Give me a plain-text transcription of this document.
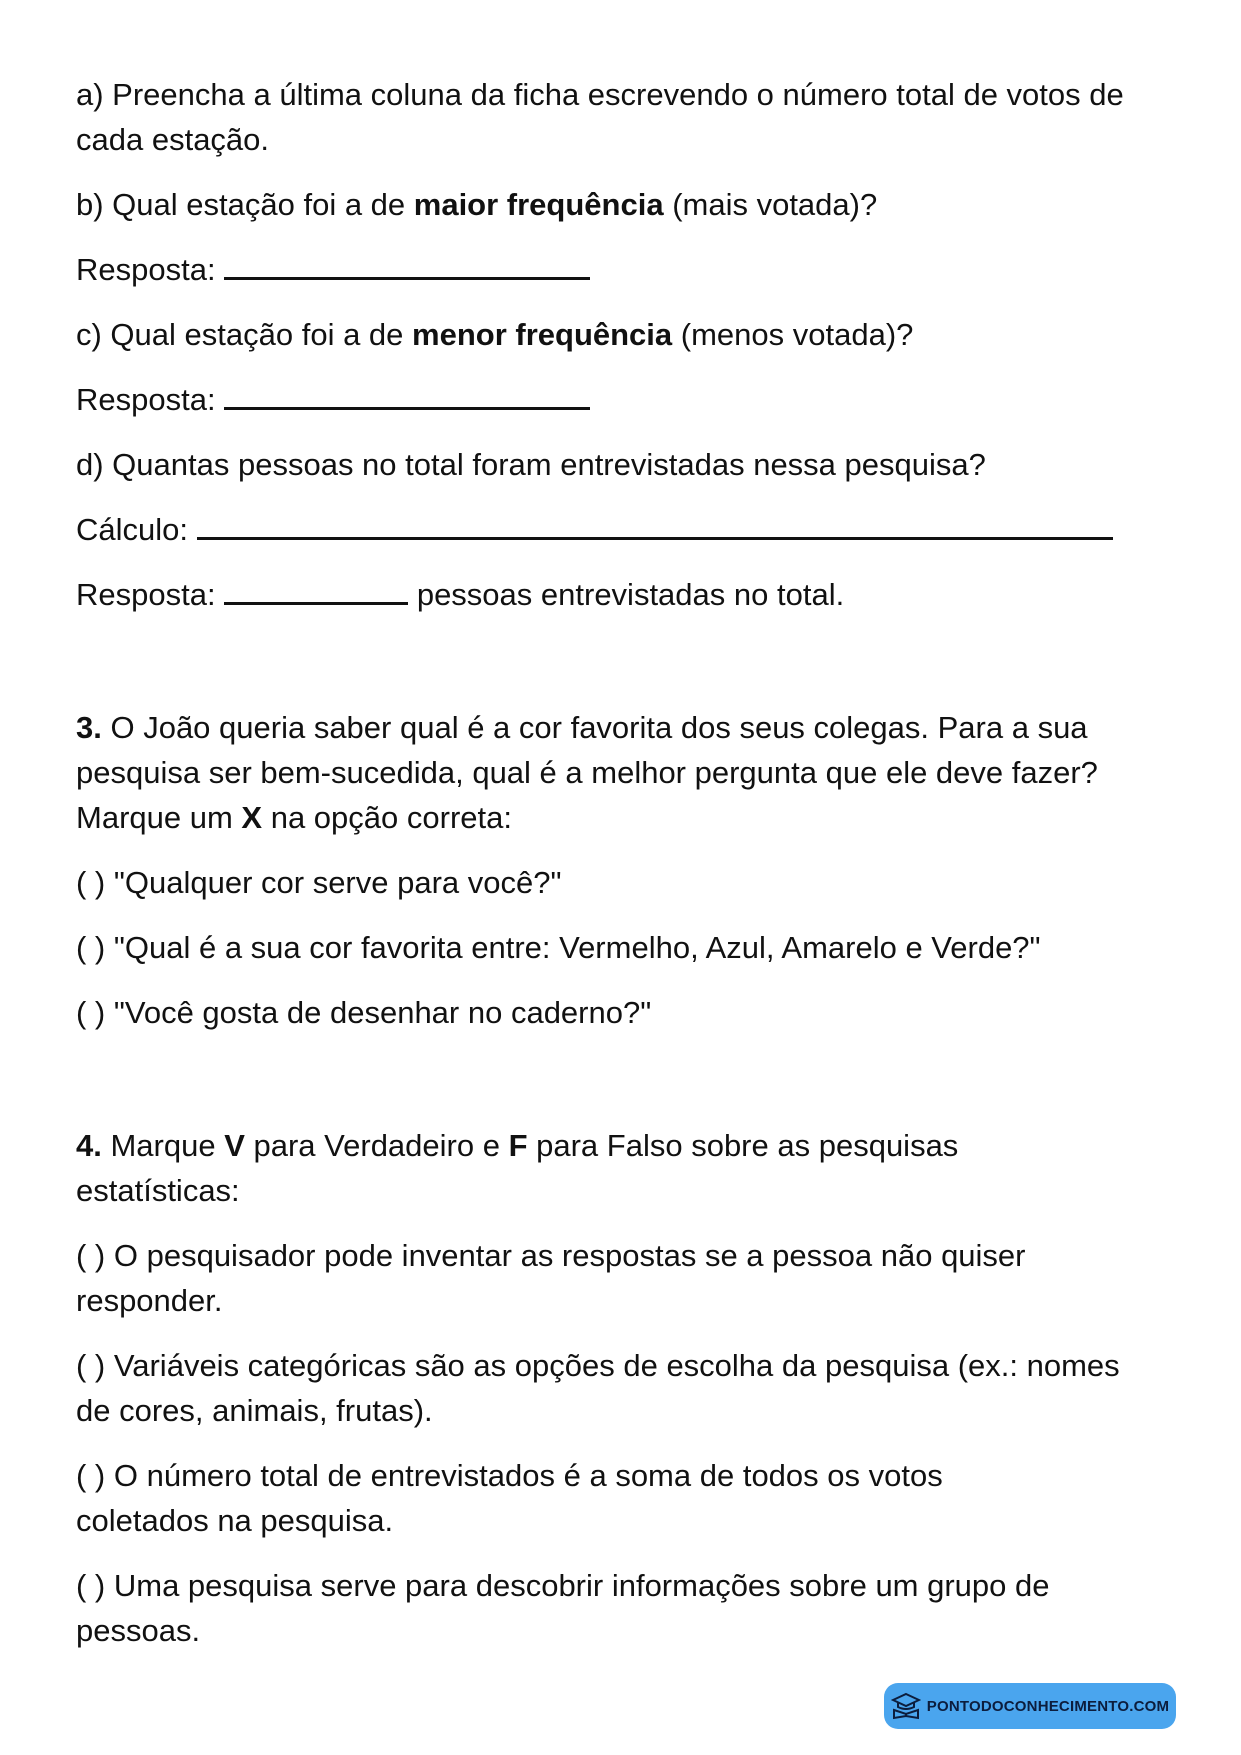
a) Preencha a última coluna da ficha escrevendo o número total de votos de cada estação.

b) Qual estação foi a de maior frequência (mais votada)?

Resposta:

c) Qual estação foi a de menor frequência (menos votada)?

Resposta:

d) Quantas pessoas no total foram entrevistadas nessa pesquisa?

Cálculo:

Resposta:	pessoas entrevistadas no total.

3. O João queria saber qual é a cor favorita dos seus colegas. Para a sua pesquisa ser bem-sucedida, qual é a melhor pergunta que ele deve fazer? Marque um X na opção correta:

( ) "Qualquer cor serve para você?"

( ) "Qual é a sua cor favorita entre: Vermelho, Azul, Amarelo e Verde?"

( ) "Você gosta de desenhar no caderno?"

4. Marque V para Verdadeiro e F para Falso sobre as pesquisas estatísticas:

( ) O pesquisador pode inventar as respostas se a pessoa não quiser responder.

( ) Variáveis categóricas são as opções de escolha da pesquisa (ex.: nomes de cores, animais, frutas).

( ) O número total de entrevistados é a soma de todos os votos coletados na pesquisa.

( ) Uma pesquisa serve para descobrir informações sobre um grupo de pessoas.

PONTODOCONHECIMENTO.COM
